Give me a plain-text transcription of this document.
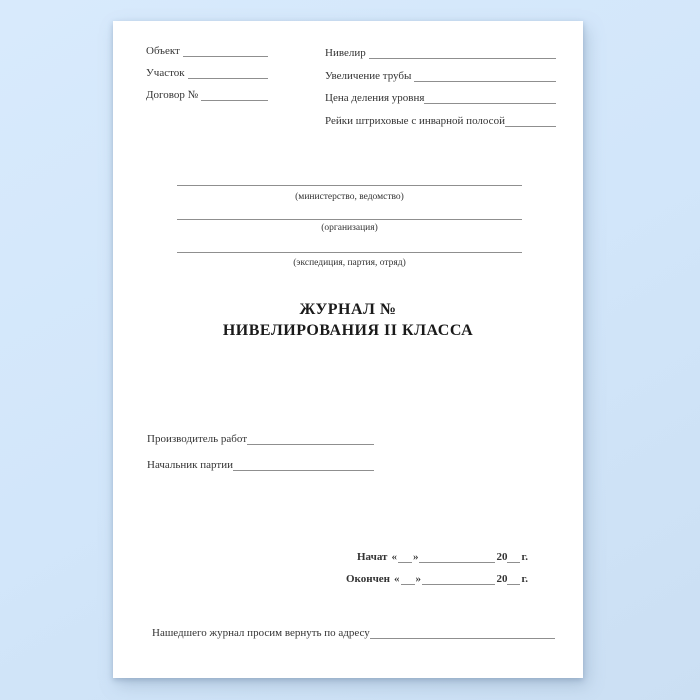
Объект
Участок
Договор №
Нивелир
Увеличение трубы
Цена деления уровня
Рейки штриховые с инварной полосой
(министерство, ведомство)
(организация)
(экспедиция, партия, отряд)
ЖУРНАЛ №
НИВЕЛИРОВАНИЯ II КЛАССА
Производитель работ
Начальник партии
Начат « »	20 г.
Окончен « »	20 г.
Нашедшего журнал просим вернуть по адресу
